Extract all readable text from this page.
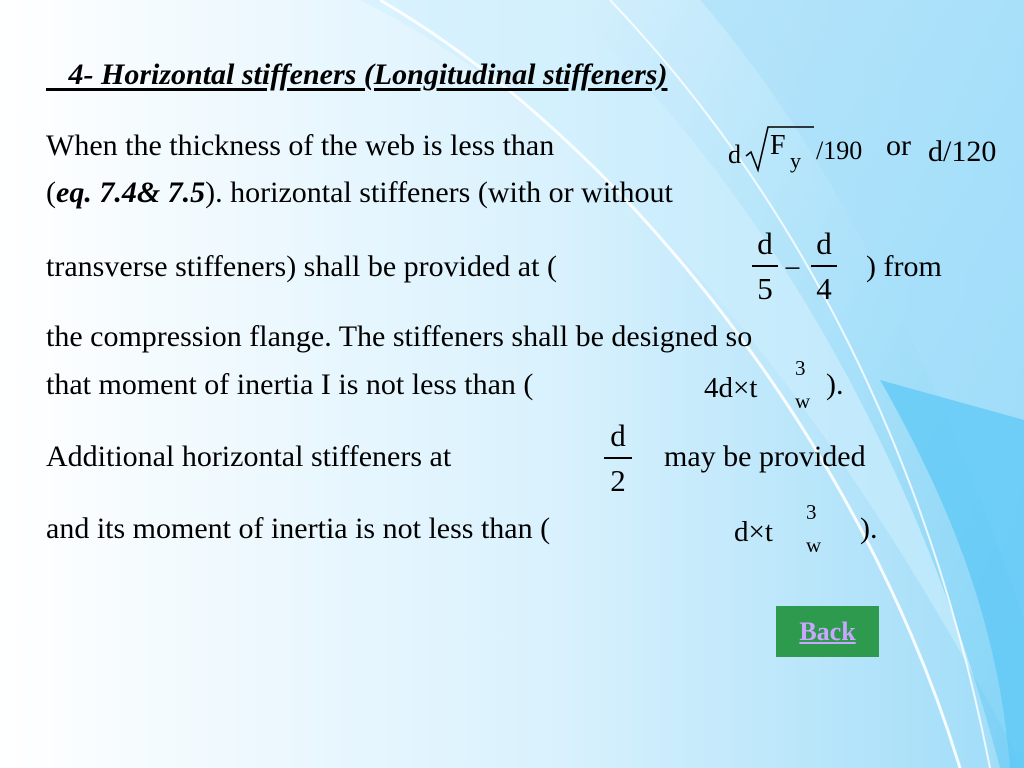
4- Horizontal stiffeners (Longitudinal stiffeners)
When the thickness of the web is less than	d F y /190 or d/120
(eq. 7.4& 7.5). horizontal stiffeners (with or without
transverse stiffeners) shall be provided at (
d
5
−
d
4
) from
the compression flange. The stiffeners shall be designed so
that moment of inertia I is not less than (	4d×t
3
w ).
Additional horizontal stiffeners at
d
2
may be provided
and its moment of inertia is not less than (	d×t
3
w ).
Back
